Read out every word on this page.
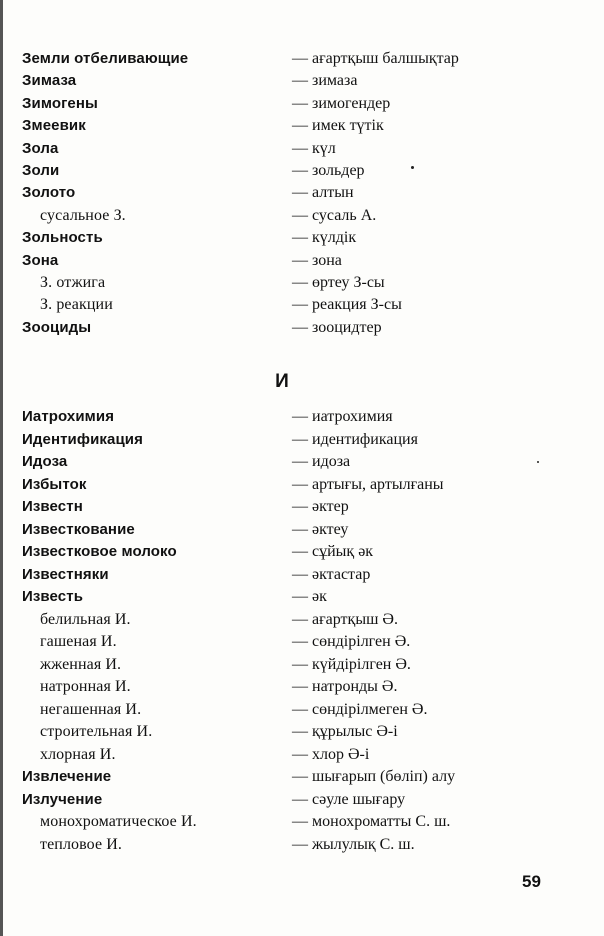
Земли отбеливающие	— ағартқыш балшықтар
Зимаза	— зимаза
Зимогены	— зимогендер
Змеевик	— имек түтік
Зола	— күл
Золи	— зольдер
Золото	— алтын
сусальное З.	— сусаль А.
Зольность	— күлдік
Зона	— зона
З. отжига	— өртеу З-сы
З. реакции	— реакция З-сы
Зооциды	— зооцидтер
И
Иатрохимия	— иатрохимия
Идентификация	— идентификация
Идоза	— идоза
Избыток	— артығы, артылғаны
Известн	— әктер
Известкование	— әктеу
Известковое молоко	— сұйық әк
Известняки	— әктастар
Известь	— әк
белильная И.	— ағартқыш Ә.
гашеная И.	— сөндірілген Ә.
жженная И.	— күйдірілген Ә.
натронная И.	— натронды Ә.
негашенная И.	— сөндірілмеген Ә.
строительная И.	— құрылыс Ә-і
хлорная И.	— хлор Ә-і
Извлечение	— шығарып (бөліп) алу
Излучение	— сәуле шығару
монохроматическое И.	— монохроматты С. ш.
тепловое И.	— жылулық С. ш.
59
